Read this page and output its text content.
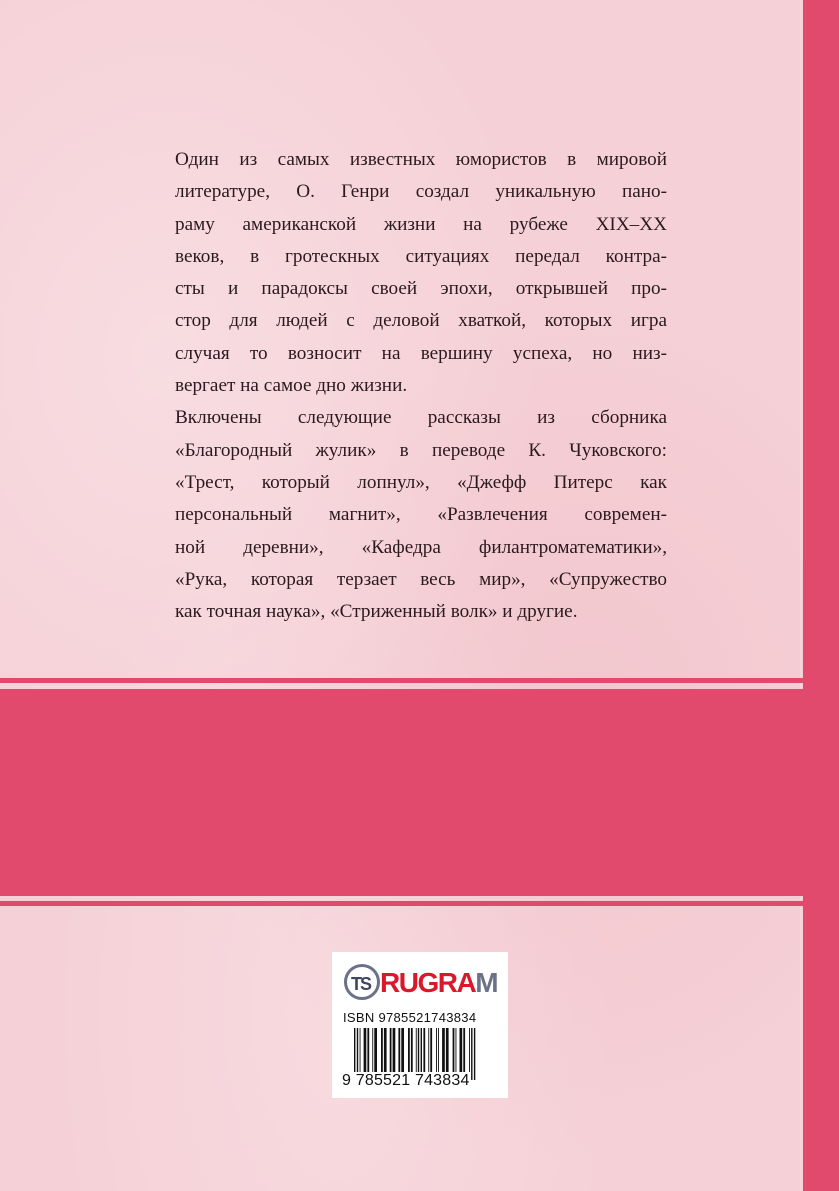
Один из самых известных юмористов в мировой
литературе, О. Генри создал уникальную пано-
раму американской жизни на рубеже XIX–XX
веков, в гротескных ситуациях передал контра-
сты и парадоксы своей эпохи, открывшей про-
стор для людей с деловой хваткой, которых игра
случая то возносит на вершину успеха, но низ-
вергает на самое дно жизни.
Включены следующие рассказы из сборника
«Благородный жулик» в переводе К. Чуковского:
«Трест, который лопнул», «Джефф Питерс как
персональный магнит», «Развлечения современ-
ной деревни», «Кафедра филантроматематики»,
«Рука, которая терзает весь мир», «Супружество
как точная наука», «Стриженный волк» и другие.
TS RUGRAM
ISBN 9785521743834
9 785521 743834
